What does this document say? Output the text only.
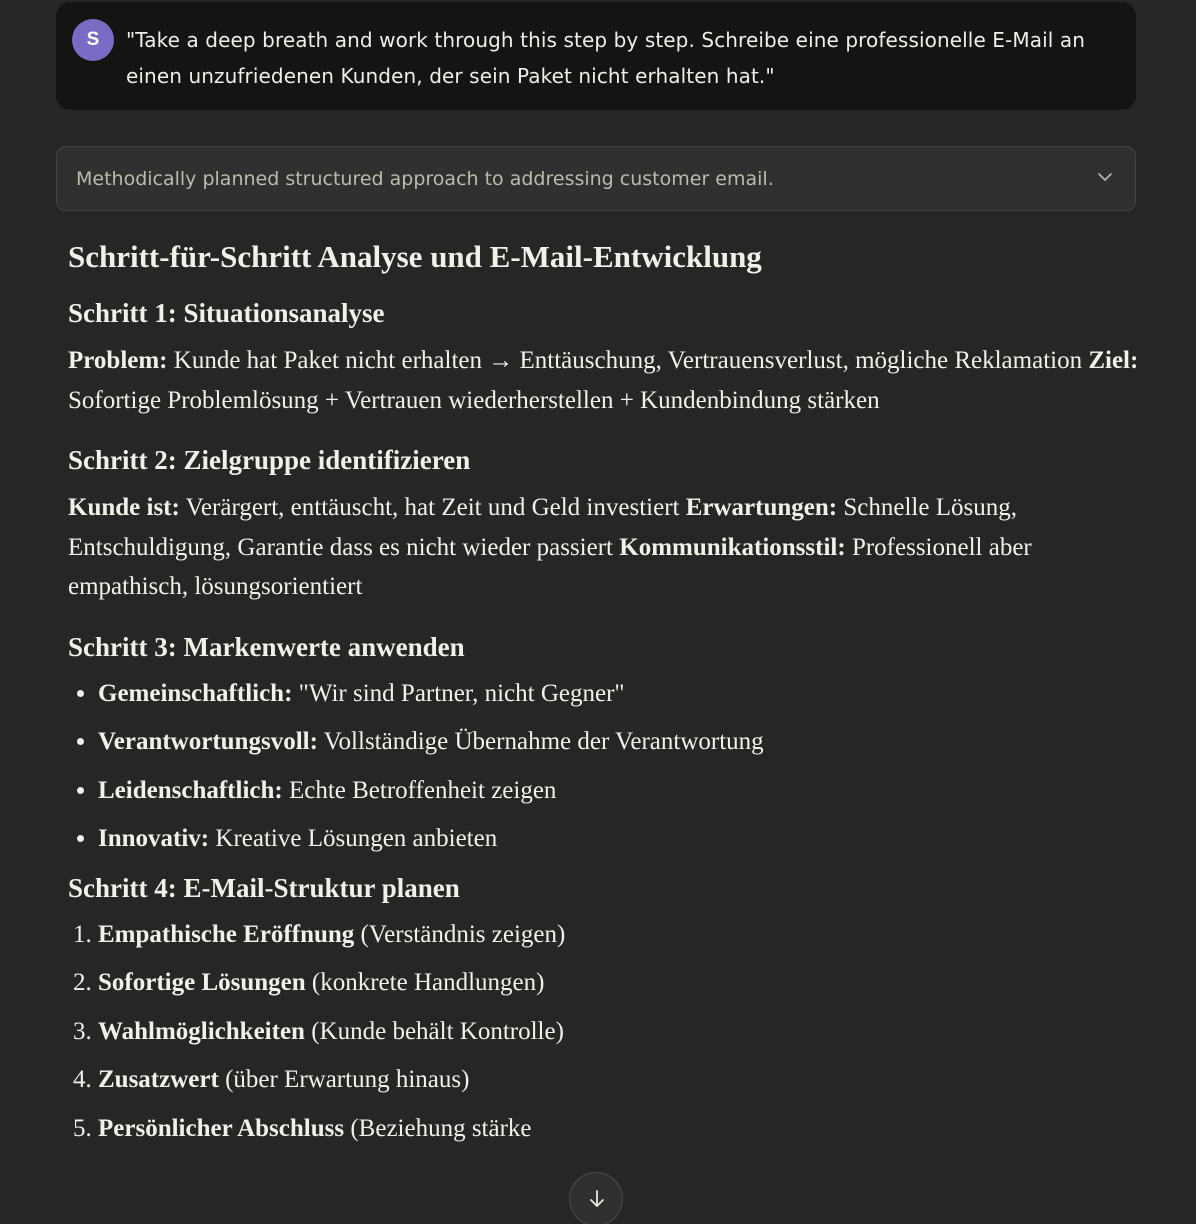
S	"Take a deep breath and work through this step by step. Schreibe eine professionelle E-Mail an einen unzufriedenen Kunden, der sein Paket nicht erhalten hat."
Methodically planned structured approach to addressing customer email.
Schritt-für-Schritt Analyse und E-Mail-Entwicklung
Schritt 1: Situationsanalyse

Problem: Kunde hat Paket nicht erhalten → Enttäuschung, Vertrauensverlust, mögliche Reklamation Ziel: Sofortige Problemlösung + Vertrauen wiederherstellen + Kundenbindung stärken

Schritt 2: Zielgruppe identifizieren

Kunde ist: Verärgert, enttäuscht, hat Zeit und Geld investiert Erwartungen: Schnelle Lösung, Entschuldigung, Garantie dass es nicht wieder passiert Kommunikationsstil: Professionell aber empathisch, lösungsorientiert

Schritt 3: Markenwerte anwenden
• Gemeinschaftlich: "Wir sind Partner, nicht Gegner"
• Verantwortungsvoll: Vollständige Übernahme der Verantwortung
• Leidenschaftlich: Echte Betroffenheit zeigen
• Innovativ: Kreative Lösungen anbieten
Schritt 4: E-Mail-Struktur planen
1. Empathische Eröffnung (Verständnis zeigen)
2. Sofortige Lösungen (konkrete Handlungen)
3. Wahlmöglichkeiten (Kunde behält Kontrolle)
4. Zusatzwert (über Erwartung hinaus)
5. Persönlicher Abschluss (Beziehung stärke
